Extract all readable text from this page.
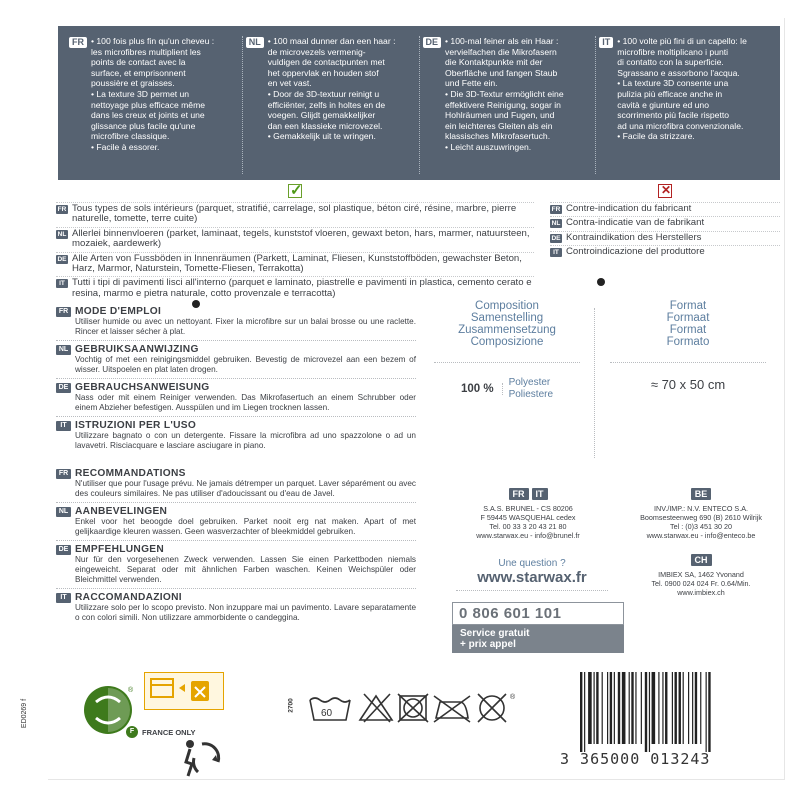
FR • 100 fois plus fin qu'un cheveu :
les microfibres multiplient les
points de contact avec la
surface, et emprisonnent
poussière et graisses.
• La texture 3D permet un
nettoyage plus efficace même
dans les creux et joints et une
glissance plus facile qu'une
microfibre classique.
• Facile à essorer.
NL • 100 maal dunner dan een haar :
de microvezels vermenig-
vuldigen de contactpunten met
het oppervlak en houden stof
en vet vast.
• Door de 3D-textuur reinigt u
efficiënter, zelfs in holtes en de
voegen. Glijdt gemakkelijker
dan een klassieke microvezel.
• Gemakkelijk uit te wringen.
DE • 100-mal feiner als ein Haar :
vervielfachen die Mikrofasern
die Kontaktpunkte mit der
Oberfläche und fangen Staub
und Fette ein.
• Die 3D-Textur ermöglicht eine
effektivere Reinigung, sogar in
Hohlräumen und Fugen, und
ein leichteres Gleiten als ein
klassisches Mikrofasertuch.
• Leicht auszuwringen.
IT • 100 volte più fini di un capello: le
microfibre moltiplicano i punti
di contatto con la superficie.
Sgrassano e assorbono l'acqua.
• La texture 3D consente una
pulizia più efficace anche in
cavità e giunture ed uno
scorrimento più facile rispetto
ad una microfibra convenzionale.
• Facile da strizzare.
✓
FR Tous types de sols intérieurs (parquet, stratifié, carrelage, sol plastique, béton ciré, résine, marbre, pierre naturelle, tomette, terre cuite)
NL Allerlei binnenvloeren (parket, laminaat, tegels, kunststof vloeren, gewaxt beton, hars, marmer, natuursteen, mozaiek, aardewerk)
DE Alle Arten von Fussböden in Innenräumen (Parkett, Laminat, Fliesen, Kunststoffböden, gewachster Beton, Harz, Marmor, Naturstein, Tomette-Fliesen, Terrakotta)
IT Tutti i tipi di pavimenti lisci all'interno (parquet e laminato, piastrelle e pavimenti in plastica, cemento cerato e resina, marmo e pietra naturale, cotto provenzale e terracotta)
✕
FR Contre-indication du fabricant
NL Contra-indicatie van de fabrikant
DE Kontraindikation des Herstellers
IT Controindicazione del produttore
FR MODE D'EMPLOI
Utiliser humide ou avec un nettoyant. Fixer la microfibre sur un balai brosse ou une raclette. Rincer et laisser sécher à plat.
NL GEBRUIKSAANWIJZING
Vochtig of met een reinigingsmiddel gebruiken. Bevestig de microvezel aan een bezem of wisser. Uitspoelen en plat laten drogen.
DE GEBRAUCHSANWEISUNG
Nass oder mit einem Reiniger verwenden. Das Mikrofasertuch an einem Schrubber oder einem Abzieher befestigen. Ausspülen und im Liegen trocknen lassen.
IT ISTRUZIONI PER L'USO
Utilizzare bagnato o con un detergente. Fissare la microfibra ad uno spazzolone o ad un lavavetri. Risciacquare e lasciare asciugare in piano.
FR RECOMMANDATIONS
N'utiliser que pour l'usage prévu. Ne jamais détremper un parquet. Laver séparément ou avec des couleurs similaires. Ne pas utiliser d'adoucissant ou d'eau de Javel.
NL AANBEVELINGEN
Enkel voor het beoogde doel gebruiken. Parket nooit erg nat maken. Apart of met gelijkaardige kleuren wassen. Geen wasverzachter of bleekmiddel gebruiken.
DE EMPFEHLUNGEN
Nur für den vorgesehenen Zweck verwenden. Lassen Sie einen Parkettboden niemals eingeweicht. Separat oder mit ähnlichen Farben waschen. Keinen Weichspüler oder Bleichmittel verwenden.
IT RACCOMANDAZIONI
Utilizzare solo per lo scopo previsto. Non inzuppare mai un pavimento. Lavare separatamente o con colori simili. Non utilizzare ammorbidente o candeggina.
Composition
Samenstelling
Zusammensetzung
Composizione
100 %
Polyester
Poliestere
Format
Formaat
Format
Formato
≈ 70 x 50 cm
FR	IT
S.A.S. BRUNEL - CS 80206
F 59445 WASQUEHAL cedex
Tel. 00 33 3 20 43 21 80
www.starwax.eu - info@brunel.fr
BE
INV./IMP.: N.V. ENTECO S.A.
Boomsesteenweg 690 (B) 2610 Wilrijk
Tel : (0)3 451 30 20
www.starwax.eu - info@enteco.be
CH
IMBIEX SA, 1462 Yvonand
Tel. 0900 024 024 Fr. 0.64/Min.
www.imbiex.ch
Une question ?
www.starwax.fr
0 806 601 101
Service gratuit
+ prix appel
ED0269 f
®
F	FRANCE ONLY
2700
60
®
3 365000 013243
